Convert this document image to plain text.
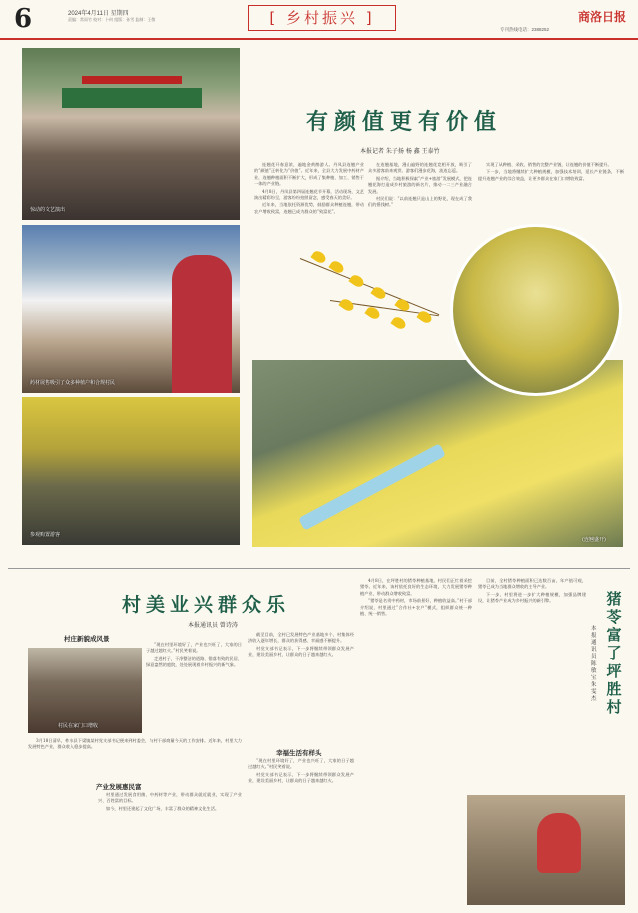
6	2024年4月11日 星期四
责编：常雨竹 校对：卜何 组版：孙雪 监制：王敬	[ 乡村振兴 ]
专刊热线电话：2388252
商洛日报
惊动的文艺演出
药材展售吸引了众多种植户和合规村民
参观购置游客
(连翘盛开)
有颜值更有价值
本报记者 朱子扬 杨 鑫 王泰竹

连翘花开春意浓，遍地金黄醉游人。丹凤县连翘产业的“颜值”正转化为“价值”。近年来，全县大力发展中药材产业，连翘种植面积不断扩大，形成了集种植、加工、销售于一体的产业链。

4月8日，丹凤县第四届连翘花节开幕，活动现场，文艺演出精彩纷呈，游客纷纷拍照留念，感受春天的美好。

近年来，当地依托资源优势，鼓励群众种植连翘，带动农户增收致富，连翘已成为群众的“致富花”。

在连翘基地，漫山遍野的连翘花竞相开放，吸引了众多游客前来观赏。游客们漫步花海，流连忘返。

据介绍，当地积极探索“产业+旅游”发展模式，把连翘花海打造成乡村旅游的新名片，推动一二三产业融合发展。

村民们说：“以前连翘只是山上的野花，现在成了我们的摇钱树。”

实现了从种植、采收、销售的完整产业链，让连翘的价值不断提升。

下一步，当地将继续扩大种植规模，加强技术培训，延长产业链条，不断提升连翘产业的综合效益，让更多群众在家门口增收致富。

村美业兴群众乐
本报通讯员 曾诗涛
村庄新貌成风景
村民在家门口增收

“现在村里环境好了，产业也兴旺了，大家的日子越过越红火。”村民笑着说。

走进村子，干净整洁的道路、错落有致的民居、绿意盎然的庭院，处处展现着乡村振兴的新气象。

3月18日清早，柞水县下梁镇某村党支部书记便来到村委会，与村干部商量今天的工作安排。近年来，村里大力发展特色产业，群众收入稳步提高。

产业发展惠民富

村里通过发展食用菌、中药材等产业，带动群众就近就业，实现了产业兴、百姓富的目标。

如今，村里还建起了文化广场，丰富了群众的精神文化生活。

截至目前，全村已发展特色产业基地多个，村集体经济收入逐年增长，群众的获得感、幸福感不断提升。

村党支部书记表示，下一步将继续带领群众发展产业，建设美丽乡村，让群众的日子越来越红火。

幸福生活有样头

“现在村里环境好了，产业也兴旺了，大家的日子越过越红火。”村民笑着说。

村党支部书记表示，下一步将继续带领群众发展产业，建设美丽乡村，让群众的日子越来越红火。

猪苓富了坪胜村
本报通讯员 陈敏宝 朱雯杰

4月8日，在坪胜村的猪苓种植基地，村民们正忙着采挖猪苓。近年来，该村依托良好的生态环境，大力发展猪苓种植产业，带动群众增收致富。

“猪苓是名贵中药材，市场前景好，种植收益高。”村干部介绍说，村里通过“合作社+农户”模式，组织群众统一种植、统一销售。

目前，全村猪苓种植面积已达数百亩，年产值可观，猪苓已成为当地群众增收的主导产业。

下一步，村里将进一步扩大种植规模，加强品牌建设，让猪苓产业成为乡村振兴的新引擎。
